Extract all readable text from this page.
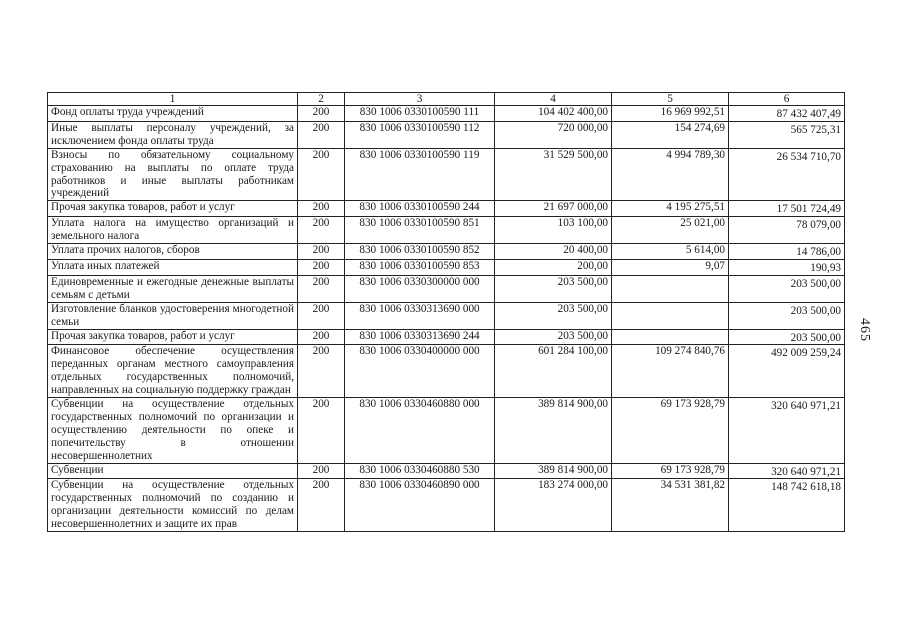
1	2	3	4	5	6
Фонд оплаты труда учреждений	200	830 1006 0330100590 111	104 402 400,00	16 969 992,51	87 432 407,49
Иные выплаты персоналу учреждений, за исключением фонда оплаты труда	200	830 1006 0330100590 112	720 000,00	154 274,69	565 725,31
Взносы по обязательному социальному страхованию на выплаты по оплате труда работников и иные выплаты работникам учреждений	200	830 1006 0330100590 119	31 529 500,00	4 994 789,30	26 534 710,70
Прочая закупка товаров, работ и услуг	200	830 1006 0330100590 244	21 697 000,00	4 195 275,51	17 501 724,49
Уплата налога на имущество организаций и земельного налога	200	830 1006 0330100590 851	103 100,00	25 021,00	78 079,00
Уплата прочих налогов, сборов	200	830 1006 0330100590 852	20 400,00	5 614,00	14 786,00
Уплата иных платежей	200	830 1006 0330100590 853	200,00	9,07	190,93
Единовременные и ежегодные денежные выплаты семьям с детьми	200	830 1006 0330300000 000	203 500,00		203 500,00
Изготовление бланков удостоверения многодетной семьи	200	830 1006 0330313690 000	203 500,00		203 500,00
Прочая закупка товаров, работ и услуг	200	830 1006 0330313690 244	203 500,00		203 500,00
Финансовое обеспечение осуществления переданных органам местного самоуправления отдельных государственных полномочий, направленных на социальную поддержку граждан	200	830 1006 0330400000 000	601 284 100,00	109 274 840,76	492 009 259,24
Субвенции на осуществление отдельных государственных полномочий по организации и осуществлению деятельности по опеке и попечительству в отношении несовершеннолетних	200	830 1006 0330460880 000	389 814 900,00	69 173 928,79	320 640 971,21
Субвенции	200	830 1006 0330460880 530	389 814 900,00	69 173 928,79	320 640 971,21
Субвенции на осуществление отдельных государственных полномочий по созданию и организации деятельности комиссий по делам несовершеннолетних и защите их прав	200	830 1006 0330460890 000	183 274 000,00	34 531 381,82	148 742 618,18
465
